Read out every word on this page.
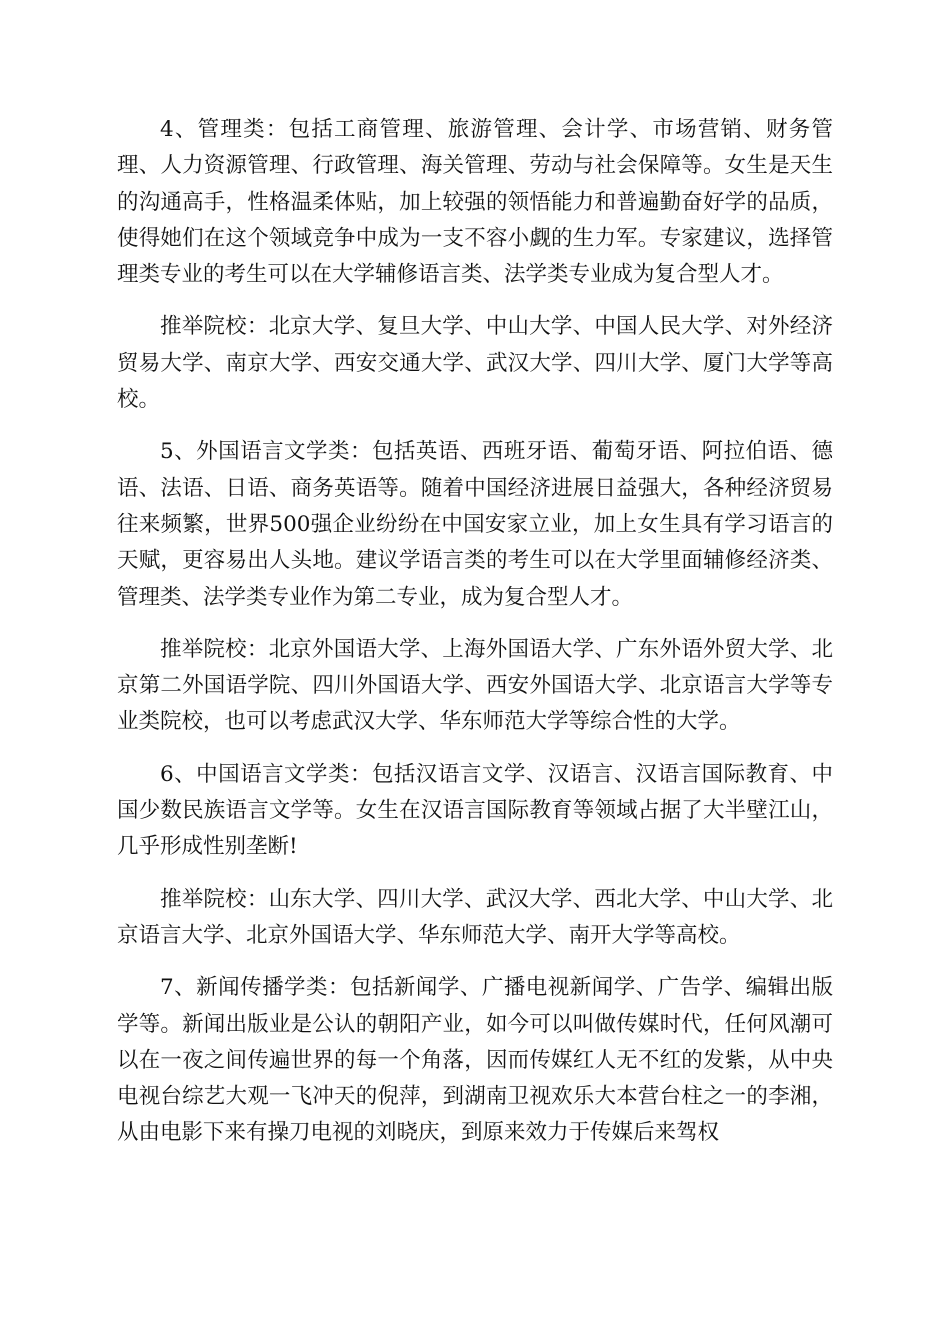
4、管理类：包括工商管理、旅游管理、会计学、市场营销、财务管理、人力资源管理、行政管理、海关管理、劳动与社会保障等。女生是天生的沟通高手，性格温柔体贴，加上较强的领悟能力和普遍勤奋好学的品质，使得她们在这个领域竞争中成为一支不容小觑的生力军。专家建议，选择管理类专业的考生可以在大学辅修语言类、法学类专业成为复合型人才。

推举院校：北京大学、复旦大学、中山大学、中国人民大学、对外经济贸易大学、南京大学、西安交通大学、武汉大学、四川大学、厦门大学等高校。

5、外国语言文学类：包括英语、西班牙语、葡萄牙语、阿拉伯语、德语、法语、日语、商务英语等。随着中国经济进展日益强大，各种经济贸易往来频繁，世界500强企业纷纷在中国安家立业，加上女生具有学习语言的天赋，更容易出人头地。建议学语言类的考生可以在大学里面辅修经济类、管理类、法学类专业作为第二专业，成为复合型人才。

推举院校：北京外国语大学、上海外国语大学、广东外语外贸大学、北京第二外国语学院、四川外国语大学、西安外国语大学、北京语言大学等专业类院校，也可以考虑武汉大学、华东师范大学等综合性的大学。

6、中国语言文学类：包括汉语言文学、汉语言、汉语言国际教育、中国少数民族语言文学等。女生在汉语言国际教育等领域占据了大半壁江山，几乎形成性别垄断!

推举院校：山东大学、四川大学、武汉大学、西北大学、中山大学、北京语言大学、北京外国语大学、华东师范大学、南开大学等高校。

7、新闻传播学类：包括新闻学、广播电视新闻学、广告学、编辑出版学等。新闻出版业是公认的朝阳产业，如今可以叫做传媒时代，任何风潮可以在一夜之间传遍世界的每一个角落，因而传媒红人无不红的发紫，从中央电视台综艺大观一飞冲天的倪萍，到湖南卫视欢乐大本营台柱之一的李湘，从由电影下来有操刀电视的刘晓庆，到原来效力于传媒后来驾权
